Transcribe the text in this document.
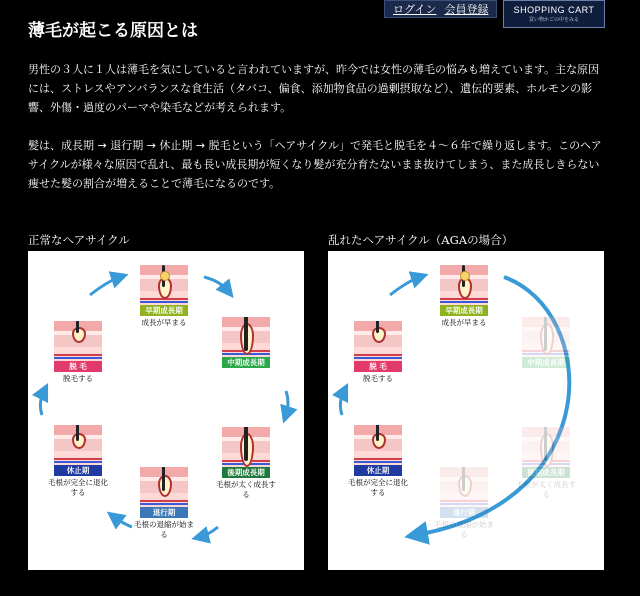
ログイン 会員登録	SHOPPING CART
買い物かごの中をみる
薄毛が起こる原因とは

男性の３人に１人は薄毛を気にしていると言われていますが、昨今では女性の薄毛の悩みも増えています。主な原因には、ストレスやアンバランスな食生活（タバコ、偏食、添加物食品の過剰摂取など）、遺伝的要素、ホルモンの影響、外傷・過度のパーマや染毛などが考えられます。

髪は、成長期 → 退行期 → 休止期 → 脱毛という「ヘアサイクル」で発毛と脱毛を４～６年で繰り返します。このヘアサイクルが様々な原因で乱れ、最も長い成長期が短くなり髪が充分育たないまま抜けてしまう、また成長しきらない痩せた髪の割合が増えることで薄毛になるのです。

正常なヘアサイクル
早期成長期
成長が早まる
中期成長期
後期成長期
毛根が太く成長する
退行期
毛根の退縮が始まる
休止期
毛根が完全に退化する
脱 毛
脱毛する
乱れたヘアサイクル（AGAの場合）
早期成長期
成長が早まる
中期成長期
後期成長期
毛根が太く成長する
退行期
毛根の退縮が始まる
休止期
毛根が完全に退化する
脱 毛
脱毛する
